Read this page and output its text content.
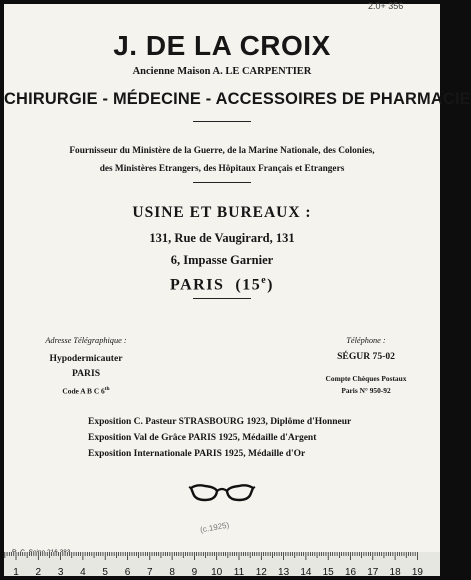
2.0+ 356
J. DE LA CROIX
Ancienne Maison A. LE CARPENTIER
CHIRURGIE - MÉDECINE - ACCESSOIRES DE PHARMACIE
Fournisseur du Ministère de la Guerre, de la Marine Nationale, des Colonies,
des Ministères Etrangers, des Hôpitaux Français et Etrangers
USINE ET BUREAUX :
131, Rue de Vaugirard, 131
6, Impasse Garnier
PARIS (15e)
Adresse Télégraphique :
Hypodermicauter
PARIS
Code A B C 6th
Téléphone :
SÉGUR 75-02
Compte Chèques Postaux
Paris N° 950-92
Exposition C. Pasteur STRASBOURG 1923, Diplôme d'Honneur
Exposition Val de Grâce PARIS 1925, Médaille d'Argent
Exposition Internationale PARIS 1925, Médaille d'Or
(c.1925)
1	2	3	4	5	6	7	8	9	10	11	12	13	14	15	16	17	18	19
